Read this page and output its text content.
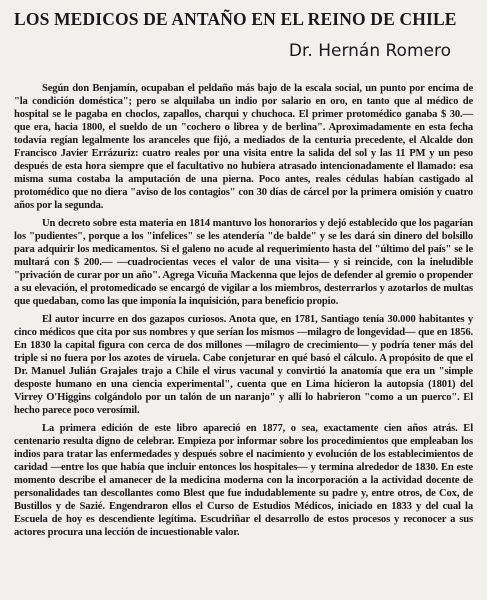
LOS MEDICOS DE ANTAÑO EN EL REINO DE CHILE
Dr. Hernán Romero

Según don Benjamín, ocupaban el peldaño más bajo de la escala social, un punto por encima de "la condición doméstica"; pero se alquilaba un indio por salario en oro, en tanto que al médico de hospital se le pagaba en choclos, zapallos, charqui y chuchoca. El primer protomédico ganaba $ 30.— que era, hacia 1800, el sueldo de un "cochero o librea y de berlina". Aproximadamente en esta fecha todavía regían legalmente los aranceles que fijó, a mediados de la centuria precedente, el Alcalde don Francisco Javier Errázuriz: cuatro reales por una visita entre la salida del sol y las 11 PM y un peso después de esta hora siempre que el facultativo no hubiera atrasado intencionadamente el llamado: esa misma suma costaba la amputación de una pierna. Poco antes, reales cédulas habían castigado al protomédico que no diera "aviso de los contagios" con 30 días de cárcel por la primera omisión y cuatro años por la segunda.

Un decreto sobre esta materia en 1814 mantuvo los honorarios y dejó establecido que los pagarían los "pudientes", porque a los "infelices" se les atendería "de balde" y se les dará sin dinero del bolsillo para adquirir los medicamentos. Si el galeno no acude al requerimiento hasta del "último del país" se le multará con $ 200.— —cuadrocientas veces el valor de una visita— y si reincide, con la ineludible "privación de curar por un año". Agrega Vicuña Mackenna que lejos de defender al gremio o propender a su elevación, el protomedicado se encargó de vigilar a los miembros, desterrarlos y azotarlos de multas que quedaban, como las que imponía la inquisición, para beneficio propio.

El autor incurre en dos gazapos curiosos. Anota que, en 1781, Santiago tenía 30.000 habitantes y cinco médicos que cita por sus nombres y que serían los mismos —milagro de longevidad— que en 1856. En 1830 la capital figura con cerca de dos millones —milagro de crecimiento— y podría tener más del triple si no fuera por los azotes de viruela. Cabe conjeturar en qué basó el cálculo. A propósito de que el Dr. Manuel Julián Grajales trajo a Chile el virus vacunal y convirtió la anatomía que era un "simple desposte humano en una ciencia experimental", cuenta que en Lima hicieron la autopsia (1801) del Virrey O'Higgins colgándolo por un talón de un naranjo" y allí lo habrieron "como a un puerco". El hecho parece poco verosímil.

La primera edición de este libro apareció en 1877, o sea, exactamente cien años atrás. El centenario resulta digno de celebrar. Empieza por informar sobre los procedimientos que empleaban los indios para tratar las enfermedades y después sobre el nacimiento y evolución de los establecimientos de caridad —entre los que había que incluir entonces los hospitales— y termina alrededor de 1830. En este momento describe el amanecer de la medicina moderna con la incorporación a la actividad docente de personalidades tan descollantes como Blest que fue indudablemente su padre y, entre otros, de Cox, de Bustillos y de Sazié. Engendraron ellos el Curso de Estudios Médicos, iniciado en 1833 y del cual la Escuela de hoy es descendiente legítima. Escudriñar el desarrollo de estos procesos y reconocer a sus actores procura una lección de incuestionable valor.
